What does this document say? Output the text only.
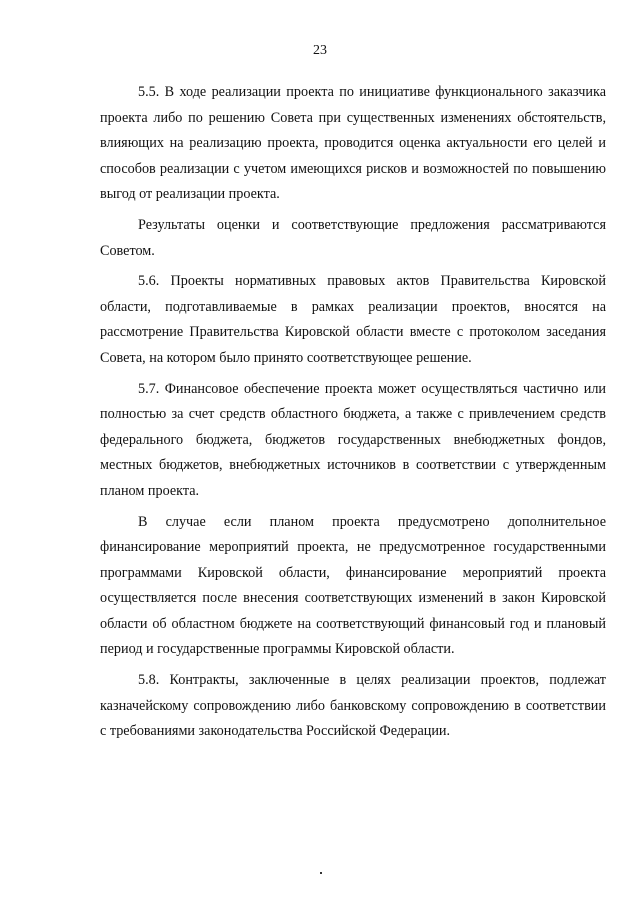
23

5.5. В ходе реализации проекта по инициативе функционального заказчика проекта либо по решению Совета при существенных изменениях обстоятельств, влияющих на реализацию проекта, проводится оценка актуальности его целей и способов реализации с учетом имеющихся рисков и возможностей по повышению выгод от реализации проекта.

Результаты оценки и соответствующие предложения рассматриваются Советом.

5.6. Проекты нормативных правовых актов Правительства Кировской области, подготавливаемые в рамках реализации проектов, вносятся на рассмотрение Правительства Кировской области вместе с протоколом заседания Совета, на котором было принято соответствующее решение.

5.7. Финансовое обеспечение проекта может осуществляться частично или полностью за счет средств областного бюджета, а также с привлечением средств федерального бюджета, бюджетов государственных внебюджетных фондов, местных бюджетов, внебюджетных источников в соответствии с утвержденным планом проекта.

В случае если планом проекта предусмотрено дополнительное финансирование мероприятий проекта, не предусмотренное государственными программами Кировской области, финансирование мероприятий проекта осуществляется после внесения соответствующих изменений в закон Кировской области об областном бюджете на соответствующий финансовый год и плановый период и государственные программы Кировской области.

5.8. Контракты, заключенные в целях реализации проектов, подлежат казначейскому сопровождению либо банковскому сопровождению в соответствии с требованиями законодательства Российской Федерации.
